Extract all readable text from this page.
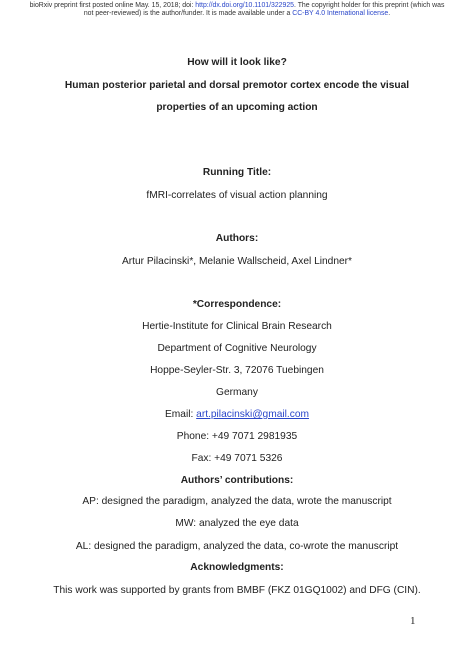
bioRxiv preprint first posted online May. 15, 2018; doi: http://dx.doi.org/10.1101/322925. The copyright holder for this preprint (which was
not peer-reviewed) is the author/funder. It is made available under a CC-BY 4.0 International license.
How will it look like?
Human posterior parietal and dorsal premotor cortex encode the visual
properties of an upcoming action
Running Title:
fMRI-correlates of visual action planning
Authors:
Artur Pilacinski*, Melanie Wallscheid, Axel Lindner*
*Correspondence:
Hertie-Institute for Clinical Brain Research
Department of Cognitive Neurology
Hoppe-Seyler-Str. 3, 72076 Tuebingen
Germany
Email: art.pilacinski@gmail.com
Phone: +49 7071 2981935
Fax: +49 7071 5326
Authors’ contributions:
AP: designed the paradigm, analyzed the data, wrote the manuscript
MW: analyzed the eye data
AL: designed the paradigm, analyzed the data, co-wrote the manuscript
Acknowledgments:
This work was supported by grants from BMBF (FKZ 01GQ1002) and DFG (CIN).
1
